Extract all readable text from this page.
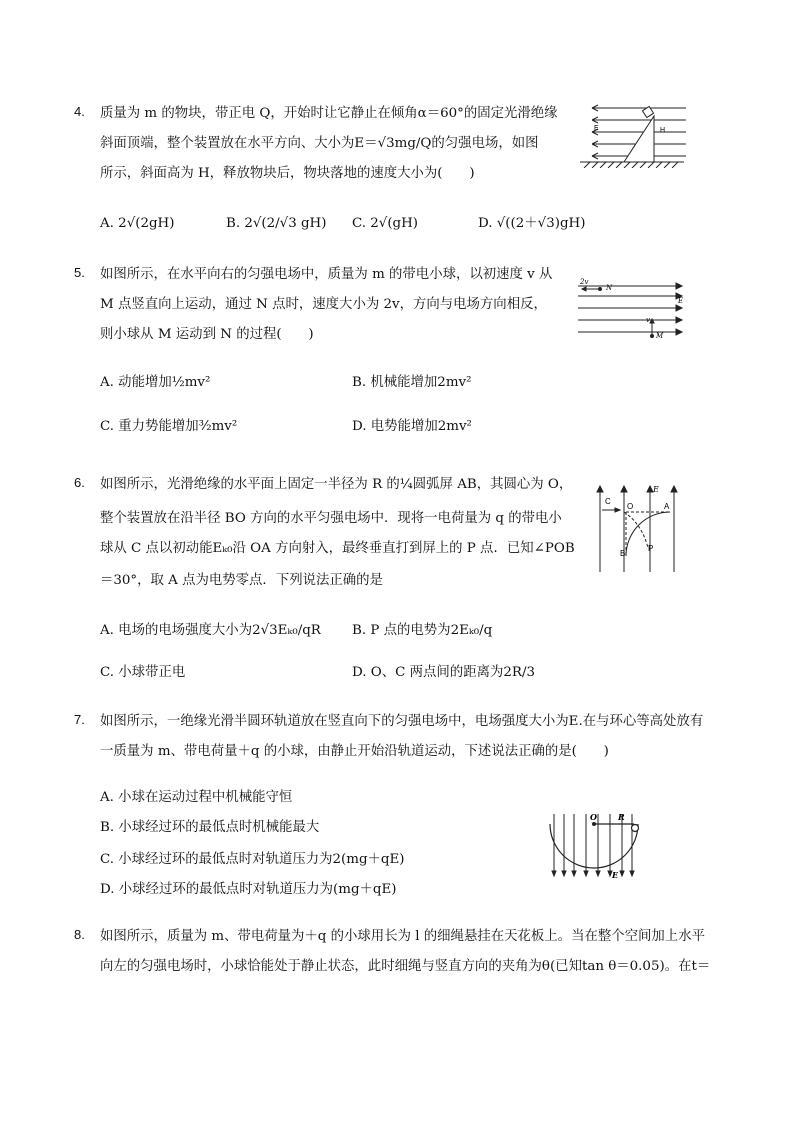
4. 质量为 m 的物块，带正电 Q，开始时让它静止在倾角α＝60°的固定光滑绝缘
斜面顶端，整个装置放在水平方向、大小为E＝√3mg/Q的匀强电场，如图
所示，斜面高为 H，释放物块后，物块落地的速度大小为(　　)
A. 2√(2gH)	B. 2√(2/√3 gH) C. 2√(gH)	D. √((2＋√3)gH)
E	H
5. 如图所示，在水平向右的匀强电场中，质量为 m 的带电小球，以初速度 v 从
M 点竖直向上运动，通过 N 点时，速度大小为 2v，方向与电场方向相反，
则小球从 M 运动到 N 的过程(　　)
A. 动能增加½mv²	B. 机械能增加2mv²
C. 重力势能增加³⁄₂mv²	D. 电势能增加2mv²
2v
N
E
v
M
6. 如图所示，光滑绝缘的水平面上固定一半径为 R 的¼圆弧屏 AB，其圆心为 O，
整个装置放在沿半径 BO 方向的水平匀强电场中．现将一电荷量为 q 的带电小
球从 C 点以初动能Eₖ₀沿 OA 方向射入，最终垂直打到屏上的 P 点．已知∠POB
＝30°，取 A 点为电势零点．下列说法正确的是
A. 电场的电场强度大小为2√3Eₖ₀/qR B. P 点的电势为2Eₖ₀/q
C. 小球带正电	D. O、C 两点间的距离为2R/3
C
O
E
A
B
P
7. 如图所示，一绝缘光滑半圆环轨道放在竖直向下的匀强电场中，电场强度大小为E.在与环心等高处放有
一质量为 m、带电荷量＋q 的小球，由静止开始沿轨道运动，下述说法正确的是(　　)
A. 小球在运动过程中机械能守恒
B. 小球经过环的最低点时机械能最大
C. 小球经过环的最低点时对轨道压力为2(mg＋qE)
D. 小球经过环的最低点时对轨道压力为(mg＋qE)
O	R
E
8. 如图所示，质量为 m、带电荷量为＋q 的小球用长为 l 的细绳悬挂在天花板上。当在整个空间加上水平
向左的匀强电场时，小球恰能处于静止状态，此时细绳与竖直方向的夹角为θ(已知tan θ＝0.05)。在t＝
